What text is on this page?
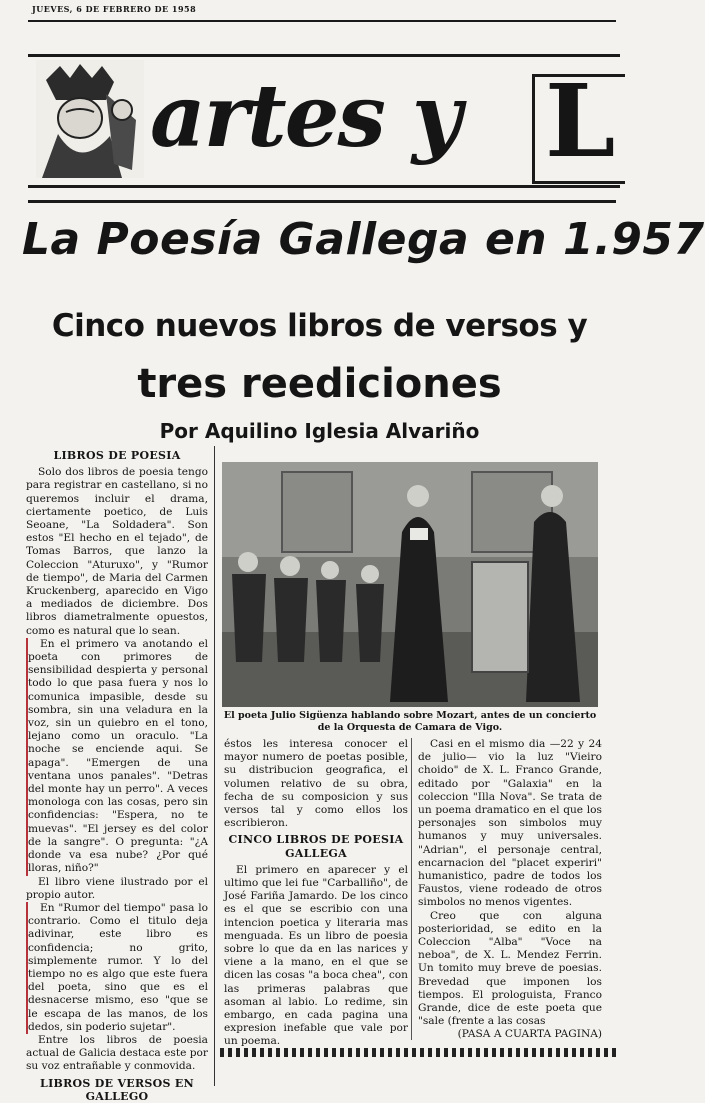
JUEVES, 6 DE FEBRERO DE 1958
artes y L
La Poesía Gallega en 1.957
Cinco nuevos libros de versos y
tres reediciones
Por Aquilino Iglesia Alvariño
LIBROS DE POESIA

Solo dos libros de poesia tengo para registrar en castellano, si no queremos incluir el drama, ciertamente poetico, de Luis Seoane, "La Soldadera". Son estos "El hecho en el tejado", de Tomas Barros, que lanzo la Coleccion "Aturuxo", y "Rumor de tiempo", de Maria del Carmen Kruckenberg, aparecido en Vigo a mediados de diciembre. Dos libros diametralmente opuestos, como es natural que lo sean.

En el primero va anotando el poeta con primores de sensibilidad despierta y personal todo lo que pasa fuera y nos lo comunica impasible, desde su sombra, sin una veladura en la voz, sin un quiebro en el tono, lejano como un oraculo. "La noche se enciende aqui. Se apaga". "Emergen de una ventana unos panales". "Detras del monte hay un perro". A veces monologa con las cosas, pero sin confidencias: "Espera, no te muevas". "El jersey es del color de la sangre". O pregunta: "¿A donde va esa nube? ¿Por qué lloras, niño?"

El libro viene ilustrado por el propio autor.

En "Rumor del tiempo" pasa lo contrario. Como el titulo deja adivinar, este libro es confidencia; no grito, simplemente rumor. Y lo del tiempo no es algo que este fuera del poeta, sino que es el desnacerse mismo, eso "que se le escapa de las manos, de los dedos, sin poderio sujetar".

Entre los libros de poesia actual de Galicia destaca este por su voz entrañable y conmovida.

LIBROS DE VERSOS EN GALLEGO
El poeta Julio Sigüenza hablando sobre Mozart, antes de un concierto de la Orquesta de Camara de Vigo.

éstos les interesa conocer el mayor numero de poetas posible, su distribucion geografica, el volumen relativo de su obra, fecha de su composicion y sus versos tal y como ellos los escribieron.

CINCO LIBROS DE POESIA GALLEGA

El primero en aparecer y el ultimo que lei fue "Carballiño", de José Fariña Jamardo. De los cinco es el que se escribio con una intencion poetica y literaria mas menguada. Es un libro de poesia sobre lo que da en las narices y viene a la mano, en el que se dicen las cosas "a boca chea", con las primeras palabras que asoman al labio. Lo redime, sin embargo, en cada pagina una expresion inefable que vale por un poema.

Casi en el mismo dia —22 y 24 de julio— vio la luz "Vieiro choido" de X. L. Franco Grande, editado por "Galaxia" en la coleccion "Illa Nova". Se trata de un poema dramatico en el que los personajes son simbolos muy humanos y muy universales. "Adrian", el personaje central, encarnacion del "placet experiri" humanistico, padre de todos los Faustos, viene rodeado de otros simbolos no menos vigentes.

Creo que con alguna posterioridad, se edito en la Coleccion "Alba" "Voce na neboa", de X. L. Mendez Ferrin. Un tomito muy breve de poesias. Brevedad que imponen los tiempos. El prologuista, Franco Grande, dice de este poeta que "sale (frente a las cosas

(PASA A CUARTA PAGINA)
